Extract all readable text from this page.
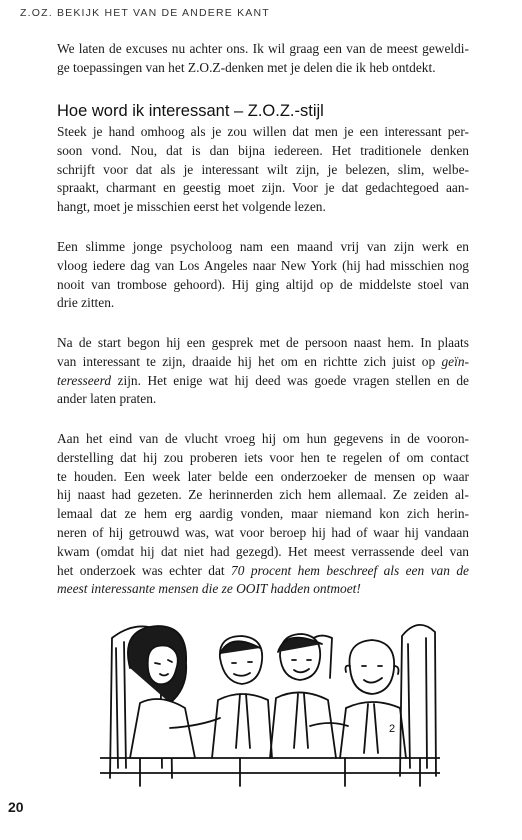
Z.OZ. BEKIJK HET VAN DE ANDERE KANT
We laten de excuses nu achter ons. Ik wil graag een van de meest geweldi-
ge toepassingen van het Z.O.Z-denken met je delen die ik heb ontdekt.
Hoe word ik interessant – Z.O.Z.-stijl
Steek je hand omhoog als je zou willen dat men je een interessant per-
soon vond. Nou, dat is dan bijna iedereen. Het traditionele denken
schrijft voor dat als je interessant wilt zijn, je belezen, slim, welbe-
spraakt, charmant en geestig moet zijn. Voor je dat gedachtegoed aan-
hangt, moet je misschien eerst het volgende lezen.
Een slimme jonge psycholoog nam een maand vrij van zijn werk en
vloog iedere dag van Los Angeles naar New York (hij had misschien nog
nooit van trombose gehoord). Hij ging altijd op de middelste stoel van
drie zitten.
Na de start begon hij een gesprek met de persoon naast hem. In plaats
van interessant te zijn, draaide hij het om en richtte zich juist op geïn-
teresseerd zijn. Het enige wat hij deed was goede vragen stellen en de
ander laten praten.
Aan het eind van de vlucht vroeg hij om hun gegevens in de vooron-
derstelling dat hij zou proberen iets voor hen te regelen of om contact
te houden. Een week later belde een onderzoeker de mensen op waar
hij naast had gezeten. Ze herinnerden zich hem allemaal. Ze zeiden al-
lemaal dat ze hem erg aardig vonden, maar niemand kon zich herin-
neren of hij getrouwd was, wat voor beroep hij had of waar hij vandaan
kwam (omdat hij dat niet had gezegd). Het meest verrassende deel van
het onderzoek was echter dat 70 procent hem beschreef als een van de
meest interessante mensen die ze OOIT hadden ontmoet!
2
20
